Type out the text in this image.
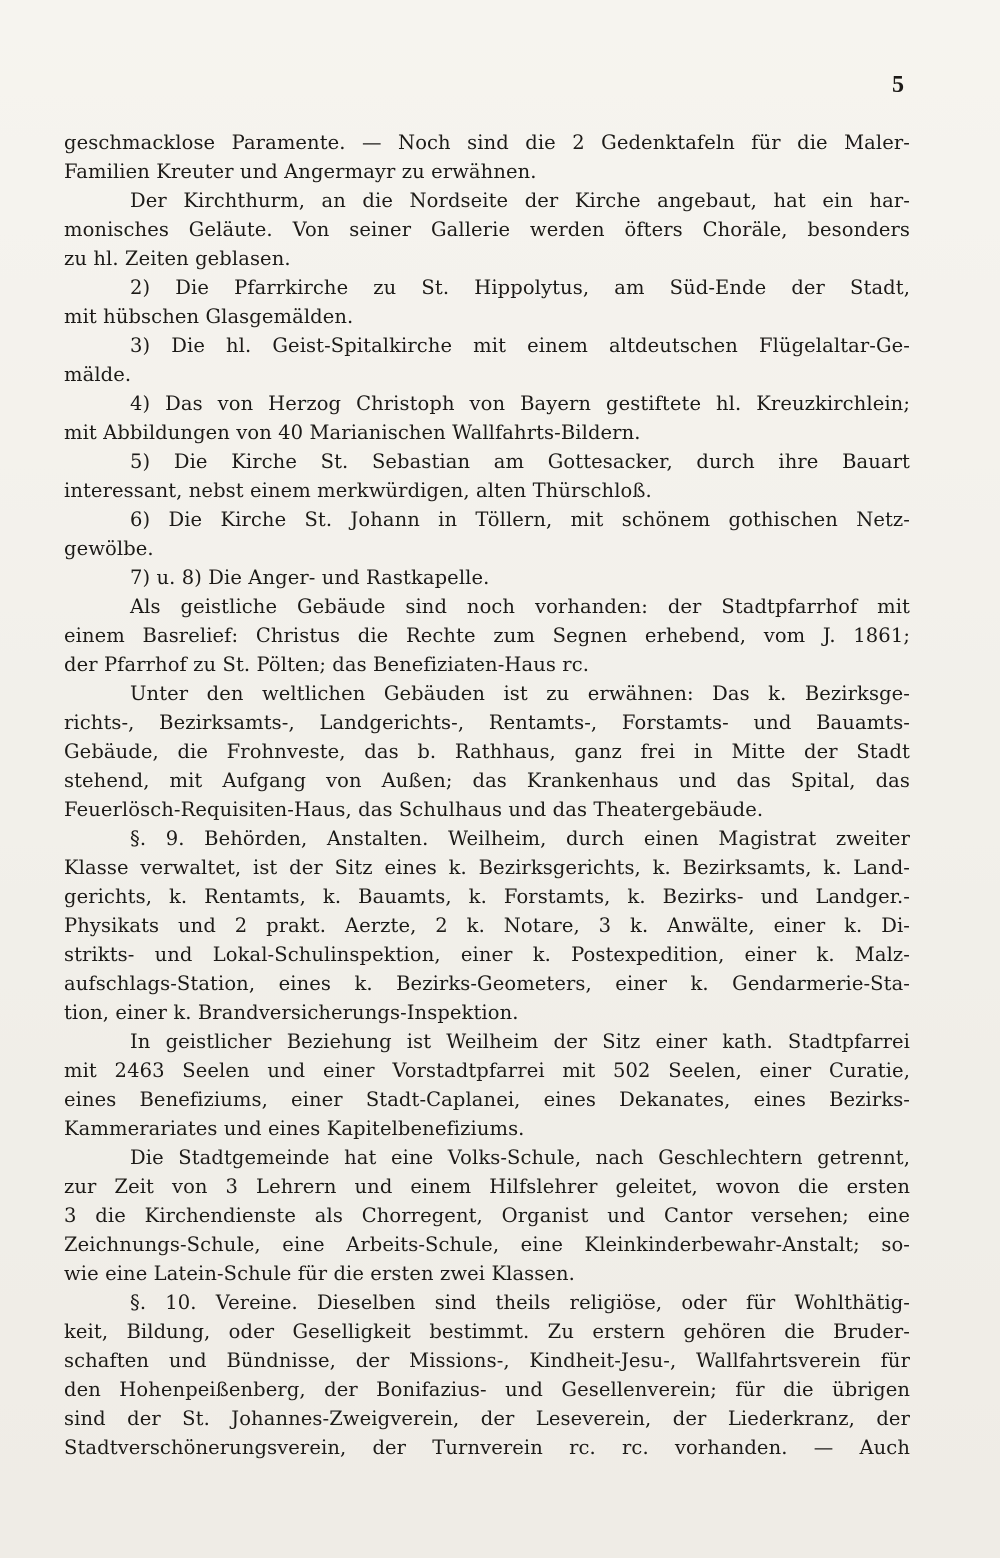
5
geschmacklose Paramente. — Noch sind die 2 Gedenktafeln für die Maler-
Familien Kreuter und Angermayr zu erwähnen.
Der Kirchthurm, an die Nordseite der Kirche angebaut, hat ein har-
monisches Geläute. Von seiner Gallerie werden öfters Choräle, besonders
zu hl. Zeiten geblasen.
2) Die Pfarrkirche zu St. Hippolytus, am Süd-Ende der Stadt,
mit hübschen Glasgemälden.
3) Die hl. Geist-Spitalkirche mit einem altdeutschen Flügelaltar-Ge-
mälde.
4) Das von Herzog Christoph von Bayern gestiftete hl. Kreuzkirchlein;
mit Abbildungen von 40 Marianischen Wallfahrts-Bildern.
5) Die Kirche St. Sebastian am Gottesacker, durch ihre Bauart
interessant, nebst einem merkwürdigen, alten Thürschloß.
6) Die Kirche St. Johann in Töllern, mit schönem gothischen Netz-
gewölbe.
7) u. 8) Die Anger- und Rastkapelle.
Als geistliche Gebäude sind noch vorhanden: der Stadtpfarrhof mit
einem Basrelief: Christus die Rechte zum Segnen erhebend, vom J. 1861;
der Pfarrhof zu St. Pölten; das Benefiziaten-Haus rc.
Unter den weltlichen Gebäuden ist zu erwähnen: Das k. Bezirksge-
richts-, Bezirksamts-, Landgerichts-, Rentamts-, Forstamts- und Bauamts-
Gebäude, die Frohnveste, das b. Rathhaus, ganz frei in Mitte der Stadt
stehend, mit Aufgang von Außen; das Krankenhaus und das Spital, das
Feuerlösch-Requisiten-Haus, das Schulhaus und das Theatergebäude.
§. 9. Behörden, Anstalten. Weilheim, durch einen Magistrat zweiter
Klasse verwaltet, ist der Sitz eines k. Bezirksgerichts, k. Bezirksamts, k. Land-
gerichts, k. Rentamts, k. Bauamts, k. Forstamts, k. Bezirks- und Landger.-
Physikats und 2 prakt. Aerzte, 2 k. Notare, 3 k. Anwälte, einer k. Di-
strikts- und Lokal-Schulinspektion, einer k. Postexpedition, einer k. Malz-
aufschlags-Station, eines k. Bezirks-Geometers, einer k. Gendarmerie-Sta-
tion, einer k. Brandversicherungs-Inspektion.
In geistlicher Beziehung ist Weilheim der Sitz einer kath. Stadtpfarrei
mit 2463 Seelen und einer Vorstadtpfarrei mit 502 Seelen, einer Curatie,
eines Benefiziums, einer Stadt-Caplanei, eines Dekanates, eines Bezirks-
Kammerariates und eines Kapitelbenefiziums.
Die Stadtgemeinde hat eine Volks-Schule, nach Geschlechtern getrennt,
zur Zeit von 3 Lehrern und einem Hilfslehrer geleitet, wovon die ersten
3 die Kirchendienste als Chorregent, Organist und Cantor versehen; eine
Zeichnungs-Schule, eine Arbeits-Schule, eine Kleinkinderbewahr-Anstalt; so-
wie eine Latein-Schule für die ersten zwei Klassen.
§. 10. Vereine. Dieselben sind theils religiöse, oder für Wohlthätig-
keit, Bildung, oder Geselligkeit bestimmt. Zu erstern gehören die Bruder-
schaften und Bündnisse, der Missions-, Kindheit-Jesu-, Wallfahrtsverein für
den Hohenpeißenberg, der Bonifazius- und Gesellenverein; für die übrigen
sind der St. Johannes-Zweigverein, der Leseverein, der Liederkranz, der
Stadtverschönerungsverein, der Turnverein rc. rc. vorhanden. — Auch
